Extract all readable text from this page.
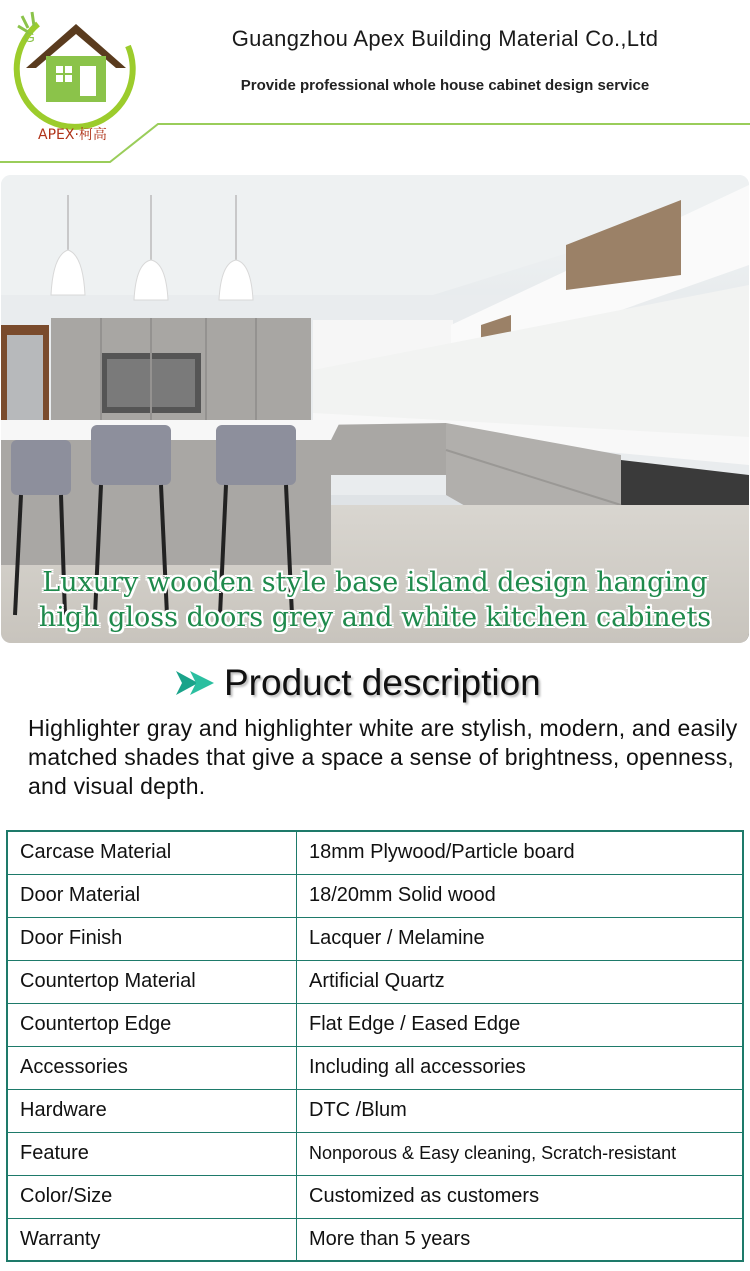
G
APEX·柯高
Guangzhou Apex Building Material Co.,Ltd
Provide professional whole house cabinet design service
Luxury wooden style base island design hanging
high gloss doors grey and white kitchen cabinets
Product description
Highlighter gray and highlighter white are stylish, modern, and easily matched shades that give a space a sense of brightness, openness, and visual depth.
Carcase Material	18mm Plywood/Particle board
Door Material	18/20mm Solid wood
Door Finish	Lacquer / Melamine
Countertop Material	Artificial Quartz
Countertop Edge	Flat Edge / Eased Edge
Accessories	Including all accessories
Hardware	DTC /Blum
Feature	Nonporous & Easy cleaning, Scratch-resistant
Color/Size	Customized as customers
Warranty	More than 5 years
